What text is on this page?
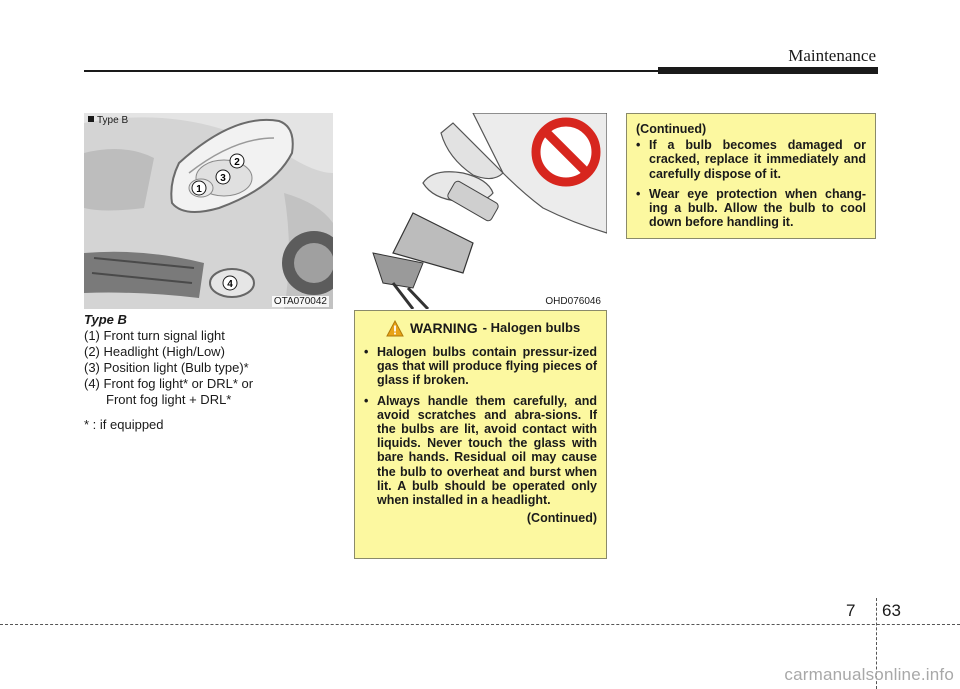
Maintenance
Type B
1
2
3
4
OTA070042	OHD076046
Type B

(1) Front turn signal light

(2) Headlight (High/Low)

(3) Position light (Bulb type)*

(4) Front fog light* or DRL* or

Front fog light + DRL*

* : if equipped

WARNING - Halogen bulbs
• Halogen bulbs contain pressur-ized gas that will produce flying pieces of glass if broken.
• Always handle them carefully, and avoid scratches and abra-sions. If the bulbs are lit, avoid contact with liquids. Never touch the glass with bare hands. Residual oil may cause the bulb to overheat and burst when lit. A bulb should be operated only when installed in a headlight.
(Continued)
(Continued)
• If a bulb becomes damaged or cracked, replace it immediately and carefully dispose of it.
• Wear eye protection when chang-ing a bulb. Allow the bulb to cool down before handling it.
7 63
carmanualsonline.info
